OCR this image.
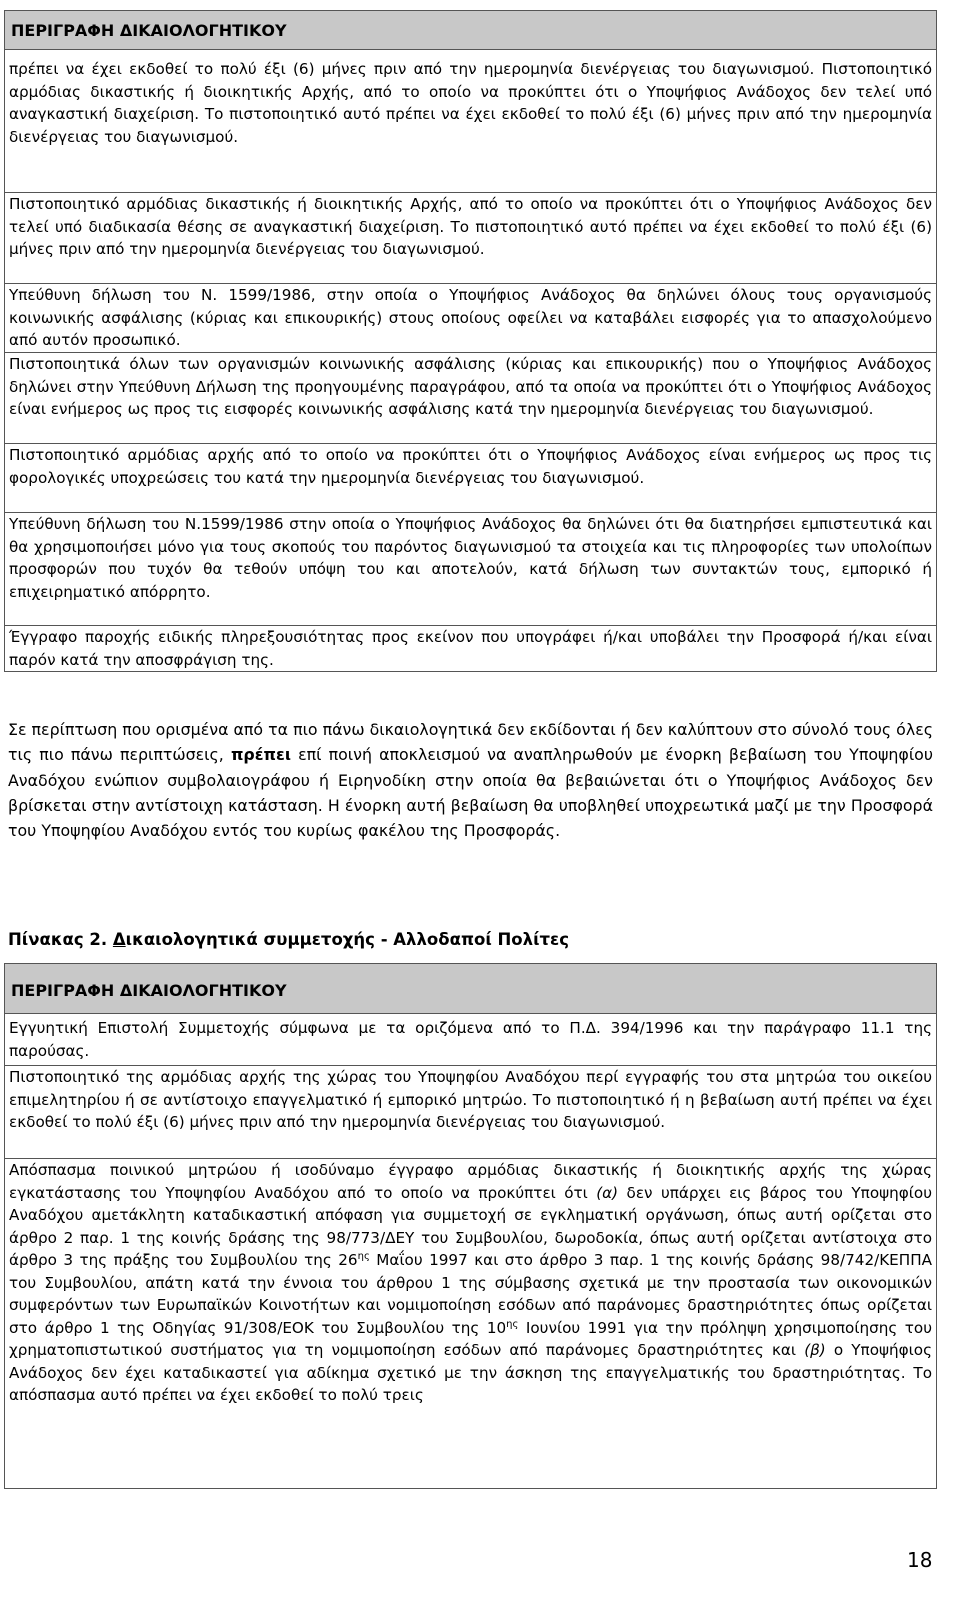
ΠΕΡΙΓΡΑΦΗ ΔΙΚΑΙΟΛΟΓΗΤΙΚΟΥ
πρέπει να έχει εκδοθεί το πολύ έξι (6) μήνες πριν από την ημερομηνία διενέργειας του διαγωνισμού. Πιστοποιητικό αρμόδιας δικαστικής ή διοικητικής Αρχής, από το οποίο να προκύπτει ότι ο Υποψήφιος Ανάδοχος δεν τελεί υπό αναγκαστική διαχείριση. Το πιστοποιητικό αυτό πρέπει να έχει εκδοθεί το πολύ έξι (6) μήνες πριν από την ημερομηνία διενέργειας του διαγωνισμού.
Πιστοποιητικό αρμόδιας δικαστικής ή διοικητικής Αρχής, από το οποίο να προκύπτει ότι ο Υποψήφιος Ανάδοχος δεν τελεί υπό διαδικασία θέσης σε αναγκαστική διαχείριση. Το πιστοποιητικό αυτό πρέπει να έχει εκδοθεί το πολύ έξι (6) μήνες πριν από την ημερομηνία διενέργειας του διαγωνισμού.
Υπεύθυνη δήλωση του Ν. 1599/1986, στην οποία ο Υποψήφιος Ανάδοχος θα δηλώνει όλους τους οργανισμούς κοινωνικής ασφάλισης (κύριας και επικουρικής) στους οποίους οφείλει να καταβάλει εισφορές για το απασχολούμενο από αυτόν προσωπικό.
Πιστοποιητικά όλων των οργανισμών κοινωνικής ασφάλισης (κύριας και επικουρικής) που ο Υποψήφιος Ανάδοχος δηλώνει στην Υπεύθυνη Δήλωση της προηγουμένης παραγράφου, από τα οποία να προκύπτει ότι ο Υποψήφιος Ανάδοχος είναι ενήμερος ως προς τις εισφορές κοινωνικής ασφάλισης κατά την ημερομηνία διενέργειας του διαγωνισμού.
Πιστοποιητικό αρμόδιας αρχής από το οποίο να προκύπτει ότι ο Υποψήφιος Ανάδοχος είναι ενήμερος ως προς τις φορολογικές υποχρεώσεις του κατά την ημερομηνία διενέργειας του διαγωνισμού.
Υπεύθυνη δήλωση του Ν.1599/1986 στην οποία ο Υποψήφιος Ανάδοχος θα δηλώνει ότι θα διατηρήσει εμπιστευτικά και θα χρησιμοποιήσει μόνο για τους σκοπούς του παρόντος διαγωνισμού τα στοιχεία και τις πληροφορίες των υπολοίπων προσφορών που τυχόν θα τεθούν υπόψη του και αποτελούν, κατά δήλωση των συντακτών τους, εμπορικό ή επιχειρηματικό απόρρητο.
Έγγραφο παροχής ειδικής πληρεξουσιότητας προς εκείνον που υπογράφει ή/και υποβάλει την Προσφορά ή/και είναι παρόν κατά την αποσφράγιση της.
Σε περίπτωση που ορισμένα από τα πιο πάνω δικαιολογητικά δεν εκδίδονται ή δεν καλύπτουν στο σύνολό τους όλες τις πιο πάνω περιπτώσεις, πρέπει επί ποινή αποκλεισμού να αναπληρωθούν με ένορκη βεβαίωση του Υποψηφίου Αναδόχου ενώπιον συμβολαιογράφου ή Ειρηνοδίκη στην οποία θα βεβαιώνεται ότι ο Υποψήφιος Ανάδοχος δεν βρίσκεται στην αντίστοιχη κατάσταση. Η ένορκη αυτή βεβαίωση θα υποβληθεί υποχρεωτικά μαζί με την Προσφορά του Υποψηφίου Αναδόχου εντός του κυρίως φακέλου της Προσφοράς.
Πίνακας 2. Δικαιολογητικά συμμετοχής - Αλλοδαποί Πολίτες
ΠΕΡΙΓΡΑΦΗ ΔΙΚΑΙΟΛΟΓΗΤΙΚΟΥ
Εγγυητική Επιστολή Συμμετοχής σύμφωνα με τα οριζόμενα από το Π.Δ. 394/1996 και την παράγραφο 11.1 της παρούσας.
Πιστοποιητικό της αρμόδιας αρχής της χώρας του Υποψηφίου Αναδόχου περί εγγραφής του στα μητρώα του οικείου επιμελητηρίου ή σε αντίστοιχο επαγγελματικό ή εμπορικό μητρώο. Το πιστοποιητικό ή η βεβαίωση αυτή πρέπει να έχει εκδοθεί το πολύ έξι (6) μήνες πριν από την ημερομηνία διενέργειας του διαγωνισμού.
Απόσπασμα ποινικού μητρώου ή ισοδύναμο έγγραφο αρμόδιας δικαστικής ή διοικητικής αρχής της χώρας εγκατάστασης του Υποψηφίου Αναδόχου από το οποίο να προκύπτει ότι (α) δεν υπάρχει εις βάρος του Υποψηφίου Αναδόχου αμετάκλητη καταδικαστική απόφαση για συμμετοχή σε εγκληματική οργάνωση, όπως αυτή ορίζεται στο άρθρο 2 παρ. 1 της κοινής δράσης της 98/773/ΔΕΥ του Συμβουλίου, δωροδοκία, όπως αυτή ορίζεται αντίστοιχα στο άρθρο 3 της πράξης του Συμβουλίου της $26^{\eta\varsigma}$ Μαΐου 1997 και στο άρθρο 3 παρ. 1 της κοινής δράσης 98/742/ΚΕΠΠΑ του Συμβουλίου, απάτη κατά την έννοια του άρθρου 1 της σύμβασης σχετικά με την προστασία των οικονομικών συμφερόντων των Ευρωπαϊκών Κοινοτήτων και νομιμοποίηση εσόδων από παράνομες δραστηριότητες όπως ορίζεται στο άρθρο 1 της Οδηγίας 91/308/ΕΟΚ του Συμβουλίου της $10^{\eta\varsigma}$ Ιουνίου 1991 για την πρόληψη χρησιμοποίησης του χρηματοπιστωτικού συστήματος για τη νομιμοποίηση εσόδων από παράνομες δραστηριότητες και (β) ο Υποψήφιος Ανάδοχος δεν έχει καταδικαστεί για αδίκημα σχετικό με την άσκηση της επαγγελματικής του δραστηριότητας. Το απόσπασμα αυτό πρέπει να έχει εκδοθεί το πολύ τρεις
18
